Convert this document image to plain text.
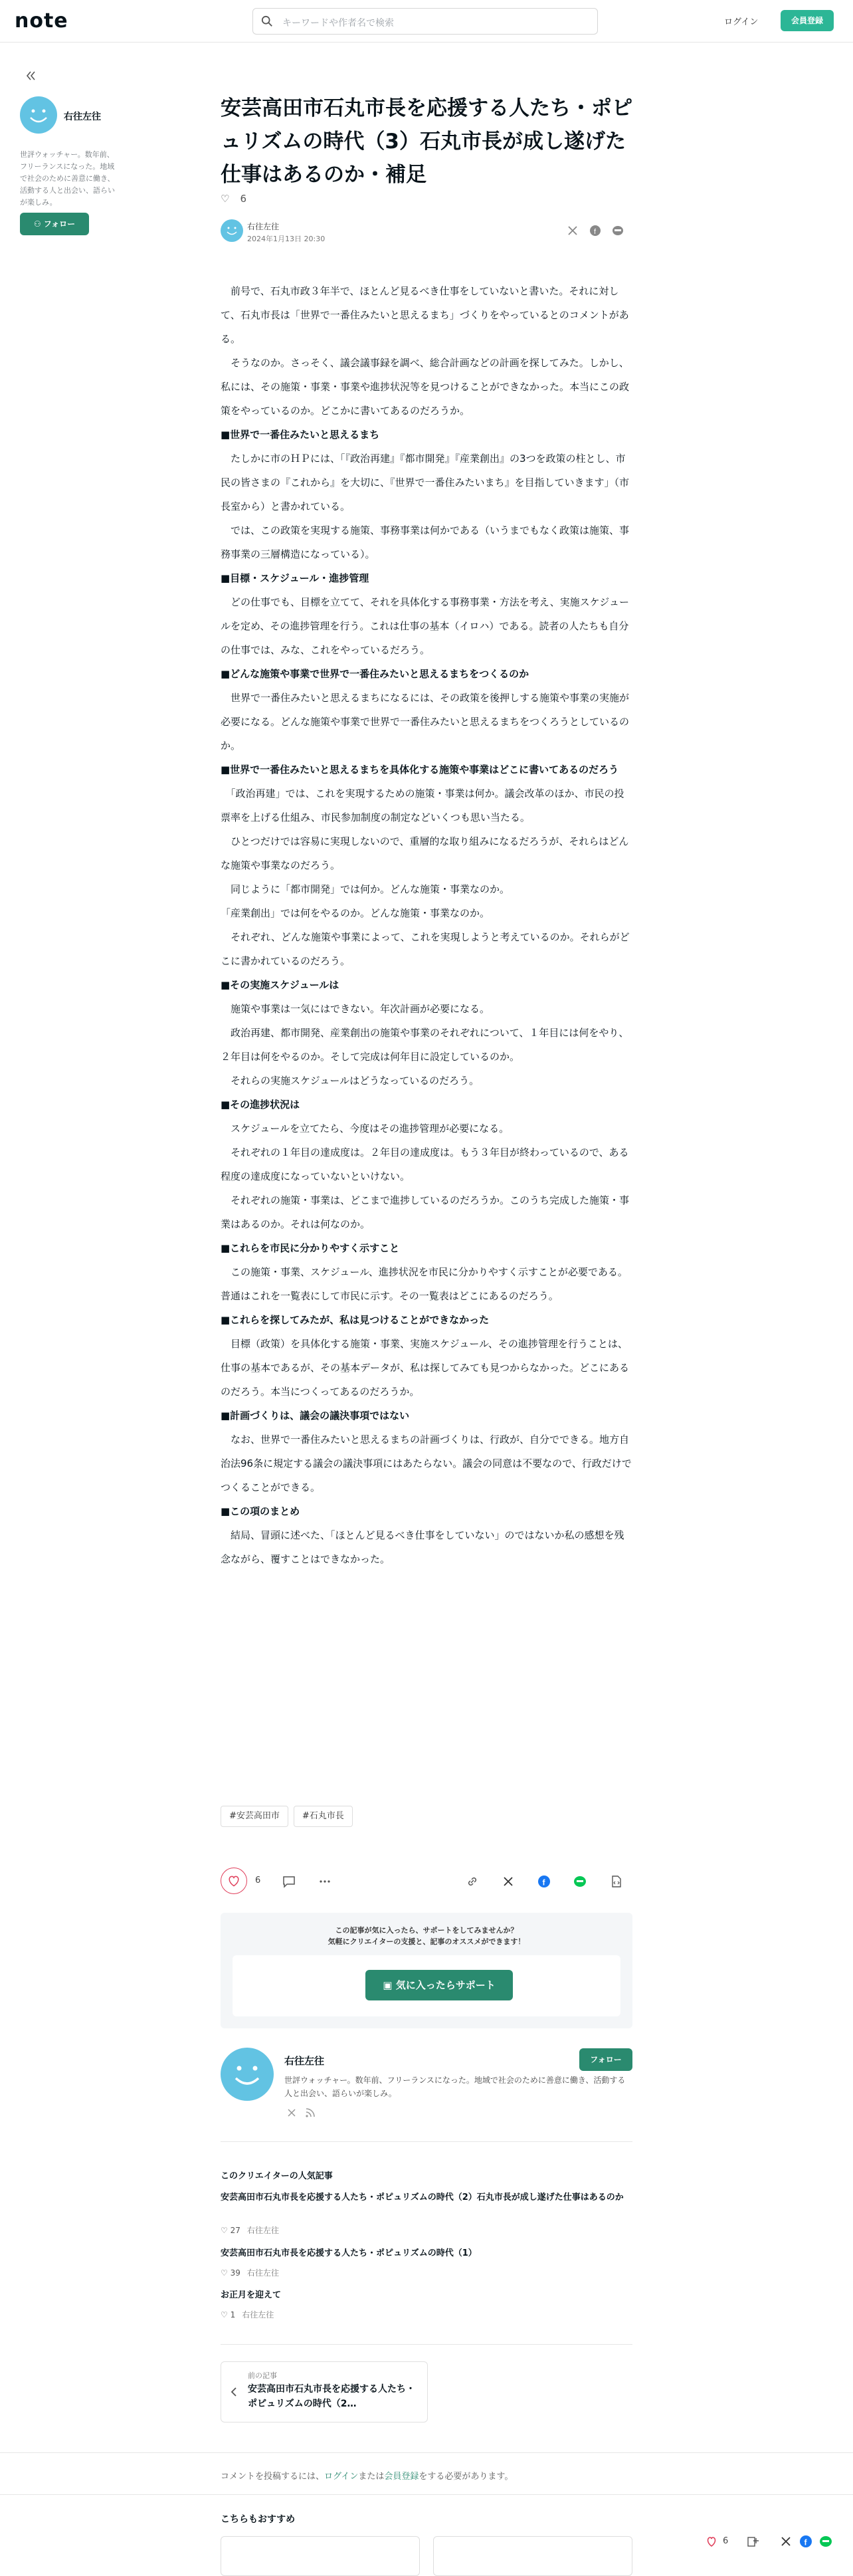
note	キーワードや作者名で検索	ログイン	会員登録
右往左往
世評ウォッチャー。数年前、フリーランスになった。地域で社会のために善意に働き、活動する人と出会い、語らいが楽しみ。
⚇ フォロー
安芸高田市石丸市長を応援する人たち・ポピュリズムの時代（3）石丸市長が成し遂げた仕事はあるのか・補足
♡ 6
右往左往
2024年1月13日 20:30
f

　前号で、石丸市政３年半で、ほとんど見るべき仕事をしていないと書いた。それに対して、石丸市長は「世界で一番住みたいと思えるまち」づくりをやっているとのコメントがある。

　そうなのか。さっそく、議会議事録を調べ、総合計画などの計画を探してみた。しかし、私には、その施策・事業・事業や進捗状況等を見つけることができなかった。本当にこの政策をやっているのか。どこかに書いてあるのだろうか。

■世界で一番住みたいと思えるまち

　たしかに市のＨＰには、「『政治再建』『都市開発』『産業創出』の3つを政策の柱とし、市民の皆さまの『これから』を大切に、『世界で一番住みたいまち』を目指していきます」（市長室から）と書かれている。

　では、この政策を実現する施策、事務事業は何かである（いうまでもなく政策は施策、事務事業の三層構造になっている）。

■目標・スケジュール・進捗管理

　どの仕事でも、目標を立てて、それを具体化する事務事業・方法を考え、実施スケジュールを定め、その進捗管理を行う。これは仕事の基本（イロハ）である。読者の人たちも自分の仕事では、みな、これをやっているだろう。

■どんな施策や事業で世界で一番住みたいと思えるまちをつくるのか

　世界で一番住みたいと思えるまちになるには、その政策を後押しする施策や事業の実施が必要になる。どんな施策や事業で世界で一番住みたいと思えるまちをつくろうとしているのか。

■世界で一番住みたいと思えるまちを具体化する施策や事業はどこに書いてあるのだろう

　「政治再建」では、これを実現するための施策・事業は何か。議会改革のほか、市民の投票率を上げる仕組み、市民参加制度の制定などいくつも思い当たる。

　ひとつだけでは容易に実現しないので、重層的な取り組みになるだろうが、それらはどんな施策や事業なのだろう。

　同じように「都市開発」では何か。どんな施策・事業なのか。

「産業創出」では何をやるのか。どんな施策・事業なのか。

　それぞれ、どんな施策や事業によって、これを実現しようと考えているのか。それらがどこに書かれているのだろう。

■その実施スケジュールは

　施策や事業は一気にはできない。年次計画が必要になる。

　政治再建、都市開発、産業創出の施策や事業のそれぞれについて、１年目には何をやり、２年目は何をやるのか。そして完成は何年目に設定しているのか。

　それらの実施スケジュールはどうなっているのだろう。

■その進捗状況は

　スケジュールを立てたら、今度はその進捗管理が必要になる。

　それぞれの１年目の達成度は。２年目の達成度は。もう３年目が終わっているので、ある程度の達成度になっていないといけない。

　それぞれの施策・事業は、どこまで進捗しているのだろうか。このうち完成した施策・事業はあるのか。それは何なのか。

■これらを市民に分かりやすく示すこと

　この施策・事業、スケジュール、進捗状況を市民に分かりやすく示すことが必要である。普通はこれを一覧表にして市民に示す。その一覧表はどこにあるのだろう。

■これらを探してみたが、私は見つけることができなかった

　目標（政策）を具体化する施策・事業、実施スケジュール、その進捗管理を行うことは、仕事の基本であるが、その基本データが、私は探してみても見つからなかった。どこにあるのだろう。本当につくってあるのだろうか。

■計画づくりは、議会の議決事項ではない

　なお、世界で一番住みたいと思えるまちの計画づくりは、行政が、自分でできる。地方自治法96条に規定する議会の議決事項にはあたらない。議会の同意は不要なので、行政だけでつくることができる。

■この項のまとめ

　結局、冒頭に述べた、「ほとんど見るべき仕事をしていない」のではないか私の感想を残念ながら、覆すことはできなかった。

#安芸高田市	#石丸市長
6	f
この記事が気に入ったら、サポートをしてみませんか？
気軽にクリエイターの支援と、記事のオススメができます！
▣ 気に入ったらサポート
右往左往	フォロー
世評ウォッチャー。数年前、フリーランスになった。地域で社会のために善意に働き、活動する人と出会い、語らいが楽しみ。
このクリエイターの人気記事
安芸高田市石丸市長を応援する人たち・ポピュリズムの時代（2）石丸市長が成し遂げた仕事はあるのか
♡ 27 右往左往
安芸高田市石丸市長を応援する人たち・ポピュリズムの時代（1）
♡ 39 右往左往
お正月を迎えて
♡ 1 右往左往
前の記事
安芸高田市石丸市長を応援する人たち・ポピュリズムの時代（2…
コメントを投稿するには、ログインまたは会員登録をする必要があります。
こちらもおすすめ
6	f
